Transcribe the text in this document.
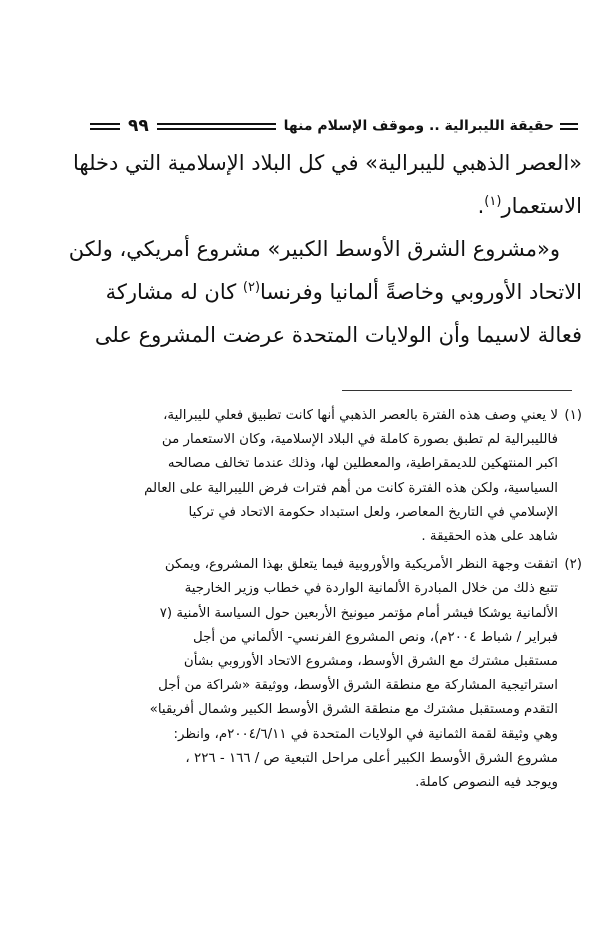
حقيقة الليبرالية .. وموقف الإسلام منها
٩٩

«العصر الذهبي لليبرالية» في كل البلاد الإسلامية التي دخلها
الاستعمار$^{(١)}$.

و«مشروع الشرق الأوسط الكبير» مشروع أمريكي، ولكن
الاتحاد الأوروبي وخاصةً ألمانيا وفرنسا$^{(٢)}$ كان له مشاركة
فعالة لاسيما وأن الولايات المتحدة عرضت المشروع على

(١)
لا يعني وصف هذه الفترة بالعصر الذهبي أنها كانت تطبيق فعلي لليبرالية،
فالليبرالية لم تطبق بصورة كاملة في البلاد الإسلامية، وكان الاستعمار من
اكبر المنتهكين للديمقراطية، والمعطلين لها، وذلك عندما تخالف مصالحه
السياسية، ولكن هذه الفترة كانت من أهم فترات فرض الليبرالية على العالم
الإسلامي في التاريخ المعاصر، ولعل استبداد حكومة الاتحاد في تركيا
شاهد على هذه الحقيقة .
(٢)
اتفقت وجهة النظر الأمريكية والأوروبية فيما يتعلق بهذا المشروع، ويمكن
تتبع ذلك من خلال المبادرة الألمانية الواردة في خطاب وزير الخارجية
الألمانية يوشكا فيشر أمام مؤتمر ميونيخ الأربعين حول السياسة الأمنية (٧
فبراير / شباط ٢٠٠٤م)، ونص المشروع الفرنسي- الألماني من أجل
مستقبل مشترك مع الشرق الأوسط، ومشروع الاتحاد الأوروبي بشأن
استراتيجية المشاركة مع منطقة الشرق الأوسط، ووثيقة «شراكة من أجل
التقدم ومستقبل مشترك مع منطقة الشرق الأوسط الكبير وشمال أفريقيا»
وهي وثيقة لقمة الثمانية في الولايات المتحدة في ٢٠٠٤/٦/١١م، وانظر:
مشروع الشرق الأوسط الكبير أعلى مراحل التبعية ص / ١٦٦ - ٢٢٦ ،
ويوجد فيه النصوص كاملة.
